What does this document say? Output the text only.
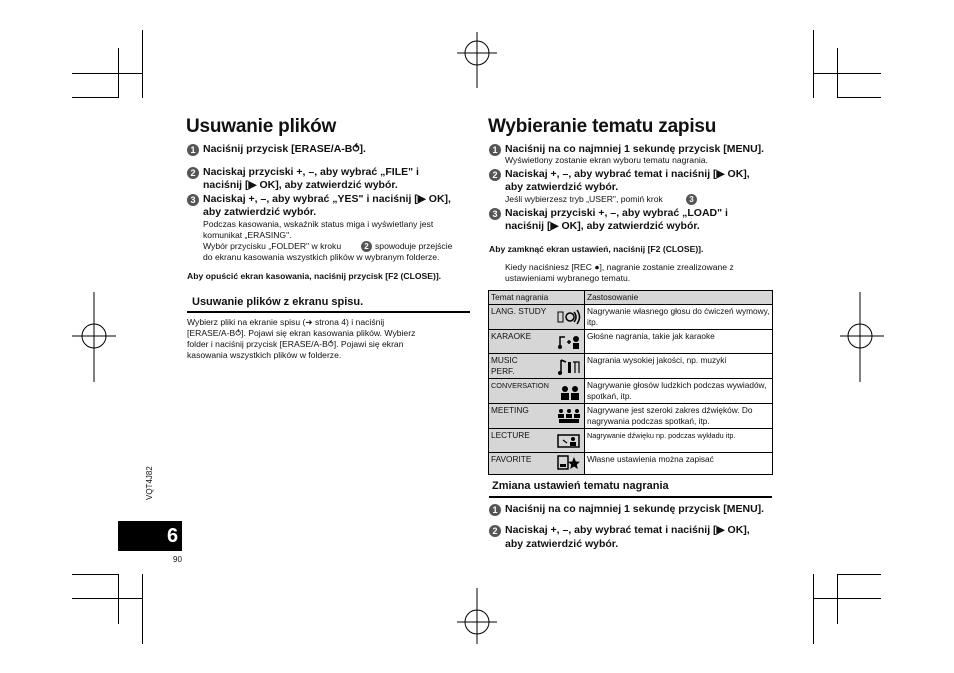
Usuwanie plików
1 Naciśnij przycisk [ERASE/A-B⥀].
2 Naciskaj przyciski +, –, aby wybrać „FILE" i
naciśnij [▶ OK], aby zatwierdzić wybór.
3 Naciskaj +, –, aby wybrać „YES" i naciśnij [▶ OK],
aby zatwierdzić wybór.
Podczas kasowania, wskaźnik status miga i wyświetlany jest
komunikat „ERASING".
Wybór przycisku „FOLDER" w kroku	2 spowoduje przejście
do ekranu kasowania wszystkich plików w wybranym folderze.
Aby opuścić ekran kasowania, naciśnij przycisk [F2 (CLOSE)].
Usuwanie plików z ekranu spisu.
Wybierz pliki na ekranie spisu (➜ strona 4) i naciśnij
[ERASE/A-B⥀]. Pojawi się ekran kasowania plików. Wybierz
folder i naciśnij przycisk [ERASE/A-B⥀]. Pojawi się ekran
kasowania wszystkich plików w folderze.
Wybieranie tematu zapisu
1 Naciśnij na co najmniej 1 sekundę przycisk [MENU].
Wyświetlony zostanie ekran wyboru tematu nagrania.
2 Naciskaj +, –, aby wybrać temat i naciśnij [▶ OK],
aby zatwierdzić wybór.
Jeśli wybierzesz tryb „USER", pomiń krok	3
3 Naciskaj przyciski +, –, aby wybrać „LOAD" i
naciśnij [▶ OK], aby zatwierdzić wybór.
Aby zamknąć ekran ustawień, naciśnij [F2 (CLOSE)].
Kiedy naciśniesz [REC ●], nagranie zostanie zrealizowane z
ustawieniami wybranego tematu.
Temat nagrania	Zastosowanie

LANG. STUDY	Nagrywanie własnego głosu do ćwiczeń wymowy, itp.

KARAOKE	Głośne nagrania, takie jak karaoke

MUSIC PERF.	Nagrania wysokiej jakości, np. muzyki

CONVERSATION	Nagrywanie głosów ludzkich podczas wywiadów, spotkań, itp.

MEETING	Nagrywane jest szeroki zakres dźwięków. Do nagrywania podczas spotkań, itp.

LECTURE	Nagrywanie dźwięku np. podczas wykładu itp.

FAVORITE	Własne ustawienia można zapisać
Zmiana ustawień tematu nagrania
1 Naciśnij na co najmniej 1 sekundę przycisk [MENU].
2 Naciskaj +, –, aby wybrać temat i naciśnij [▶ OK],
aby zatwierdzić wybór.
VQT4J82
6
90
